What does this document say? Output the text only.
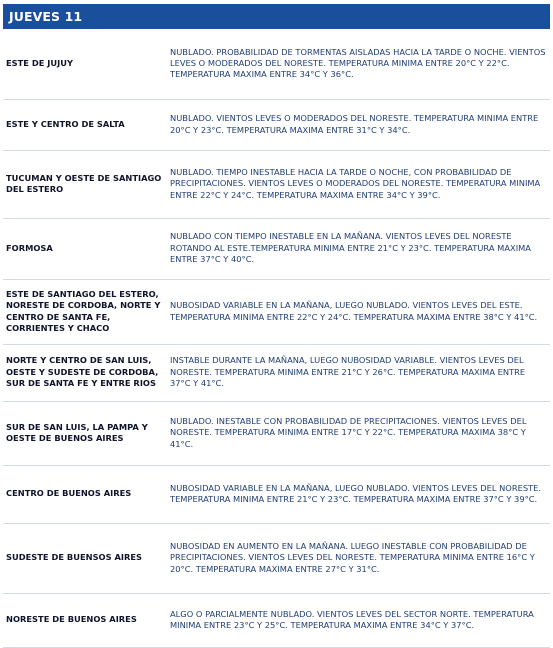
JUEVES 11
ESTE DE JUJUY	NUBLADO. PROBABILIDAD DE TORMENTAS AISLADAS HACIA LA TARDE O NOCHE. VIENTOS LEVES O MODERADOS DEL NORESTE. TEMPERATURA MINIMA ENTRE 20°C Y 22°C. TEMPERATURA MAXIMA ENTRE 34°C Y 36°C.
ESTE Y CENTRO DE SALTA	NUBLADO. VIENTOS LEVES O MODERADOS DEL NORESTE. TEMPERATURA MINIMA ENTRE 20°C Y 23°C. TEMPERATURA MAXIMA ENTRE 31°C Y 34°C.
TUCUMAN Y OESTE DE SANTIAGO DEL ESTERO	NUBLADO. TIEMPO INESTABLE HACIA LA TARDE O NOCHE, CON PROBABILIDAD DE PRECIPITACIONES. VIENTOS LEVES O MODERADOS DEL NORESTE. TEMPERATURA MINIMA ENTRE 22°C Y 24°C. TEMPERATURA MAXIMA ENTRE 34°C Y 39°C.
FORMOSA	NUBLADO CON TIEMPO INESTABLE EN LA MAÑANA. VIENTOS LEVES DEL NORESTE ROTANDO AL ESTE.TEMPERATURA MINIMA ENTRE 21°C Y 23°C. TEMPERATURA MAXIMA ENTRE 37°C Y 40°C.
ESTE DE SANTIAGO DEL ESTERO, NORESTE DE CORDOBA, NORTE Y CENTRO DE SANTA FE, CORRIENTES Y CHACO	NUBOSIDAD VARIABLE EN LA MAÑANA, LUEGO NUBLADO. VIENTOS LEVES DEL ESTE. TEMPERATURA MINIMA ENTRE 22°C Y 24°C. TEMPERATURA MAXIMA ENTRE 38°C Y 41°C.
NORTE Y CENTRO DE SAN LUIS, OESTE Y SUDESTE DE CORDOBA, SUR DE SANTA FE Y ENTRE RIOS	INSTABLE DURANTE LA MAÑANA, LUEGO NUBOSIDAD VARIABLE. VIENTOS LEVES DEL NORESTE. TEMPERATURA MINIMA ENTRE 21°C Y 26°C. TEMPERATURA MAXIMA ENTRE 37°C Y 41°C.
SUR DE SAN LUIS, LA PAMPA Y OESTE DE BUENOS AIRES	NUBLADO. INESTABLE CON PROBABILIDAD DE PRECIPITACIONES. VIENTOS LEVES DEL NORESTE. TEMPERATURA MINIMA ENTRE 17°C Y 22°C. TEMPERATURA MAXIMA 38°C Y 41°C.
CENTRO DE BUENOS AIRES	NUBOSIDAD VARIABLE EN LA MAÑANA, LUEGO NUBLADO. VIENTOS LEVES DEL NORESTE. TEMPERATURA MINIMA ENTRE 21°C Y 23°C. TEMPERATURA MAXIMA ENTRE 37°C Y 39°C.
SUDESTE DE BUENSOS AIRES	NUBOSIDAD EN AUMENTO EN LA MAÑANA. LUEGO INESTABLE CON PROBABILIDAD DE PRECIPITACIONES. VIENTOS LEVES DEL NORESTE. TEMPERATURA MINIMA ENTRE 16°C Y 20°C. TEMPERATURA MAXIMA ENTRE 27°C Y 31°C.
NORESTE DE BUENOS AIRES	ALGO O PARCIALMENTE NUBLADO. VIENTOS LEVES DEL SECTOR NORTE. TEMPERATURA MINIMA ENTRE 23°C Y 25°C. TEMPERATURA MAXIMA ENTRE 34°C Y 37°C.
